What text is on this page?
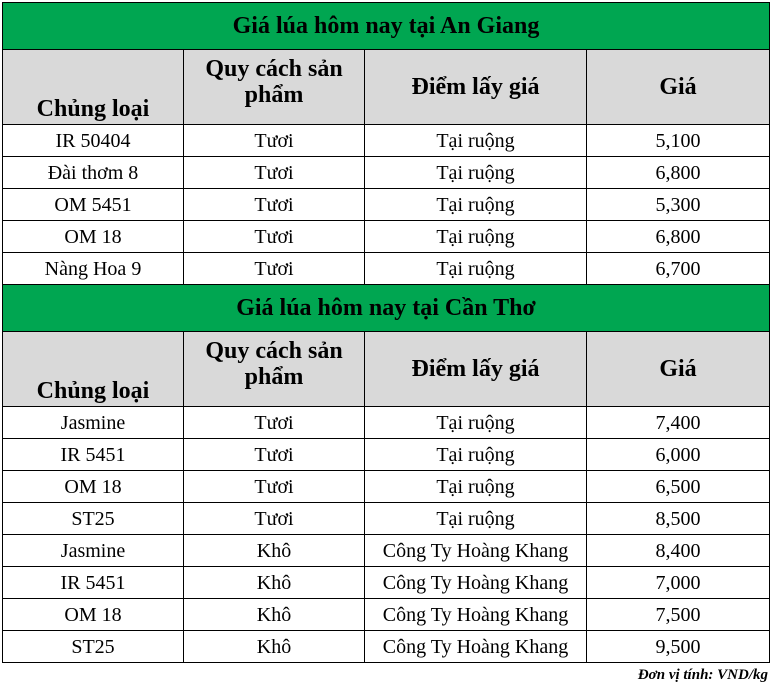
Giá lúa hôm nay tại An Giang			
Chủng loại	Quy cách sản phẩm	Điểm lấy giá	Giá
IR 50404	Tươi	Tại ruộng	5,100
Đài thơm 8	Tươi	Tại ruộng	6,800
OM 5451	Tươi	Tại ruộng	5,300
OM 18	Tươi	Tại ruộng	6,800
Nàng Hoa 9	Tươi	Tại ruộng	6,700
Giá lúa hôm nay tại Cần Thơ			
Chủng loại	Quy cách sản phẩm	Điểm lấy giá	Giá
Jasmine	Tươi	Tại ruộng	7,400
IR 5451	Tươi	Tại ruộng	6,000
OM 18	Tươi	Tại ruộng	6,500
ST25	Tươi	Tại ruộng	8,500
Jasmine	Khô	Công Ty Hoàng Khang	8,400
IR 5451	Khô	Công Ty Hoàng Khang	7,000
OM 18	Khô	Công Ty Hoàng Khang	7,500
ST25	Khô	Công Ty Hoàng Khang	9,500
Đơn vị tính: VND/kg
